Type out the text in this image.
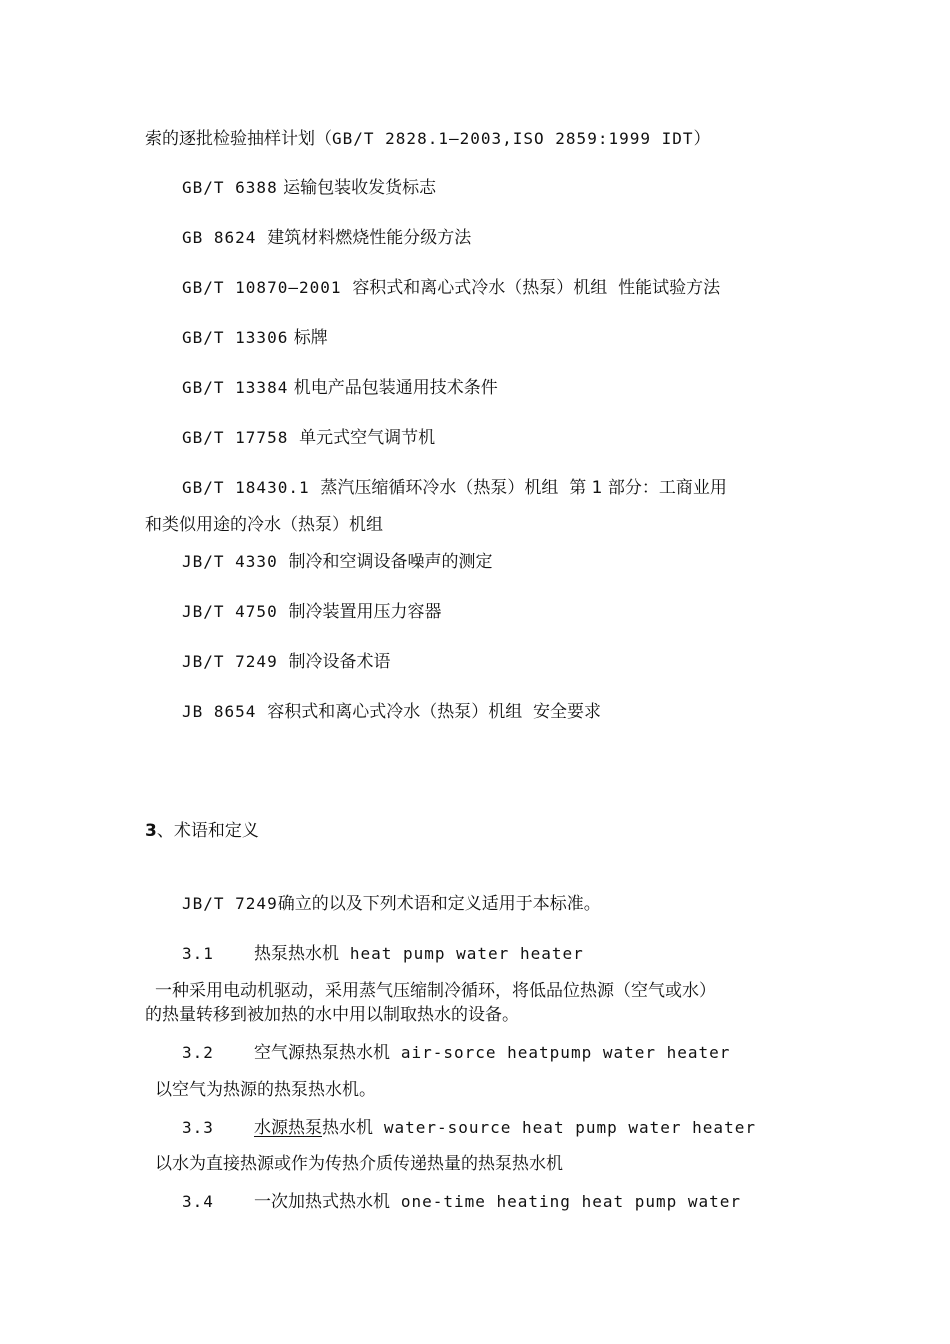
索的逐批检验抽样计划（GB/T 2828.1—2003,ISO 2859:1999 IDT）
GB/T 6388 运输包装收发货标志
GB 8624 建筑材料燃烧性能分级方法
GB/T 10870—2001 容积式和离心式冷水（热泵）机组  性能试验方法
GB/T 13306 标牌
GB/T 13384 机电产品包装通用技术条件
GB/T 17758 单元式空气调节机
GB/T 18430.1 蒸汽压缩循环冷水（热泵）机组  第 1 部分：工商业用
和类似用途的冷水（热泵）机组
JB/T 4330 制冷和空调设备噪声的测定
JB/T 4750 制冷装置用压力容器
JB/T 7249 制冷设备术语
JB 8654 容积式和离心式冷水（热泵）机组  安全要求
3、术语和定义
JB/T 7249确立的以及下列术语和定义适用于本标准。
3.1 热泵热水机 heat pump water heater
一种采用电动机驱动，采用蒸气压缩制冷循环，将低品位热源（空气或水）
的热量转移到被加热的水中用以制取热水的设备。
3.2 空气源热泵热水机 air-sorce heatpump water heater
以空气为热源的热泵热水机。
3.3 水源热泵热水机 water-source heat pump water heater
以水为直接热源或作为传热介质传递热量的热泵热水机
3.4 一次加热式热水机 one-time heating heat pump water
